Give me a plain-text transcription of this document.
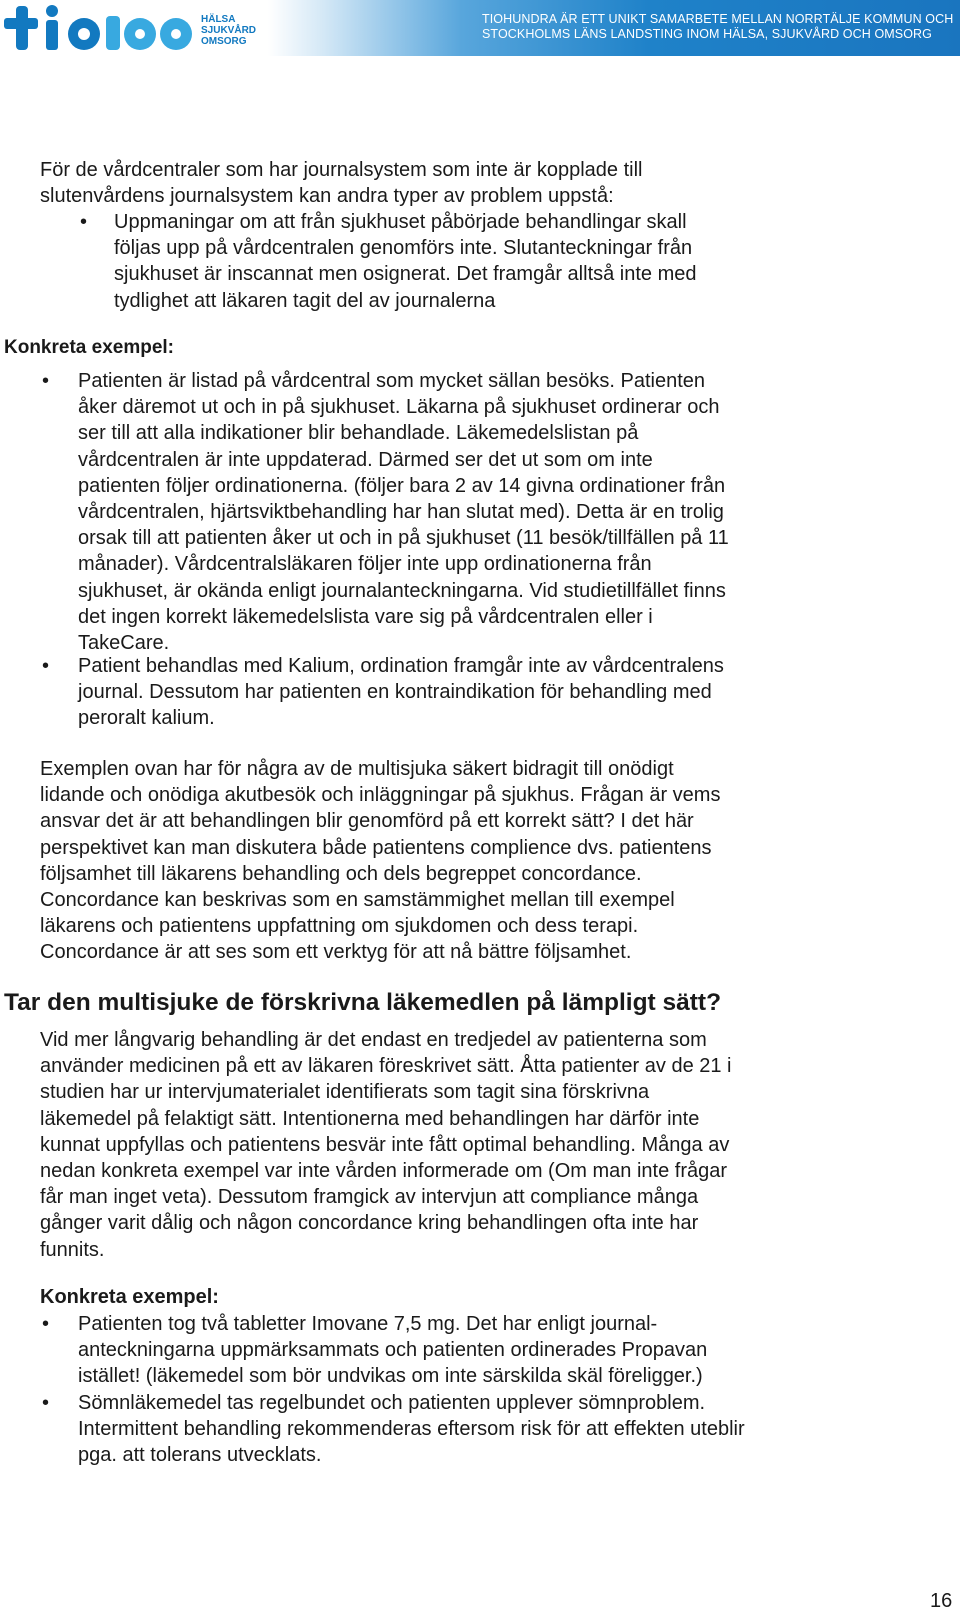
HÄLSA
SJUKVÅRD
OMSORG
TIOHUNDRA ÄR ETT UNIKT SAMARBETE MELLAN NORRTÄLJE KOMMUN OCH
STOCKHOLMS LÄNS LANDSTING INOM HÄLSA, SJUKVÅRD OCH OMSORG
För de vårdcentraler som har journalsystem som inte är kopplade till
slutenvårdens journalsystem kan andra typer av problem uppstå:
• Uppmaningar om att från sjukhuset påbörjade behandlingar skall
följas upp på vårdcentralen genomförs inte. Slutanteckningar från
sjukhuset är inscannat men osignerat. Det framgår alltså inte med
tydlighet att läkaren tagit del av journalerna
Konkreta exempel:
• Patienten är listad på vårdcentral som mycket sällan besöks. Patienten
åker däremot ut och in på sjukhuset. Läkarna på sjukhuset ordinerar och
ser till att alla indikationer blir behandlade. Läkemedelslistan på
vårdcentralen är inte uppdaterad. Därmed ser det ut som om inte
patienten följer ordinationerna. (följer bara 2 av 14 givna ordinationer från
vårdcentralen, hjärtsviktbehandling har han slutat med). Detta är en trolig
orsak till att patienten åker ut och in på sjukhuset (11 besök/tillfällen på 11
månader). Vårdcentralsläkaren följer inte upp ordinationerna från
sjukhuset, är okända enligt journalanteckningarna. Vid studietillfället finns
det ingen korrekt läkemedelslista vare sig på vårdcentralen eller i
TakeCare.
• Patient behandlas med Kalium, ordination framgår inte av vårdcentralens
journal. Dessutom har patienten en kontraindikation för behandling med
peroralt kalium.
Exemplen ovan har för några av de multisjuka säkert bidragit till onödigt
lidande och onödiga akutbesök och inläggningar på sjukhus. Frågan är vems
ansvar det är att behandlingen blir genomförd på ett korrekt sätt? I det här
perspektivet kan man diskutera både patientens complience dvs. patientens
följsamhet till läkarens behandling och dels begreppet concordance.
Concordance kan beskrivas som en samstämmighet mellan till exempel
läkarens och patientens uppfattning om sjukdomen och dess terapi.
Concordance är att ses som ett verktyg för att nå bättre följsamhet.
Tar den multisjuke de förskrivna läkemedlen på lämpligt sätt?
Vid mer långvarig behandling är det endast en tredjedel av patienterna som
använder medicinen på ett av läkaren föreskrivet sätt. Åtta patienter av de 21 i
studien har ur intervjumaterialet identifierats som tagit sina förskrivna
läkemedel på felaktigt sätt. Intentionerna med behandlingen har därför inte
kunnat uppfyllas och patientens besvär inte fått optimal behandling. Många av
nedan konkreta exempel var inte vården informerade om (Om man inte frågar
får man inget veta). Dessutom framgick av intervjun att compliance många
gånger varit dålig och någon concordance kring behandlingen ofta inte har
funnits.
Konkreta exempel:
• Patienten tog två tabletter Imovane 7,5 mg. Det har enligt journal-
anteckningarna uppmärksammats och patienten ordinerades Propavan
istället! (läkemedel som bör undvikas om inte särskilda skäl föreligger.)
• Sömnläkemedel tas regelbundet och patienten upplever sömnproblem.
Intermittent behandling rekommenderas eftersom risk för att effekten uteblir
pga. att tolerans utvecklats.
16
